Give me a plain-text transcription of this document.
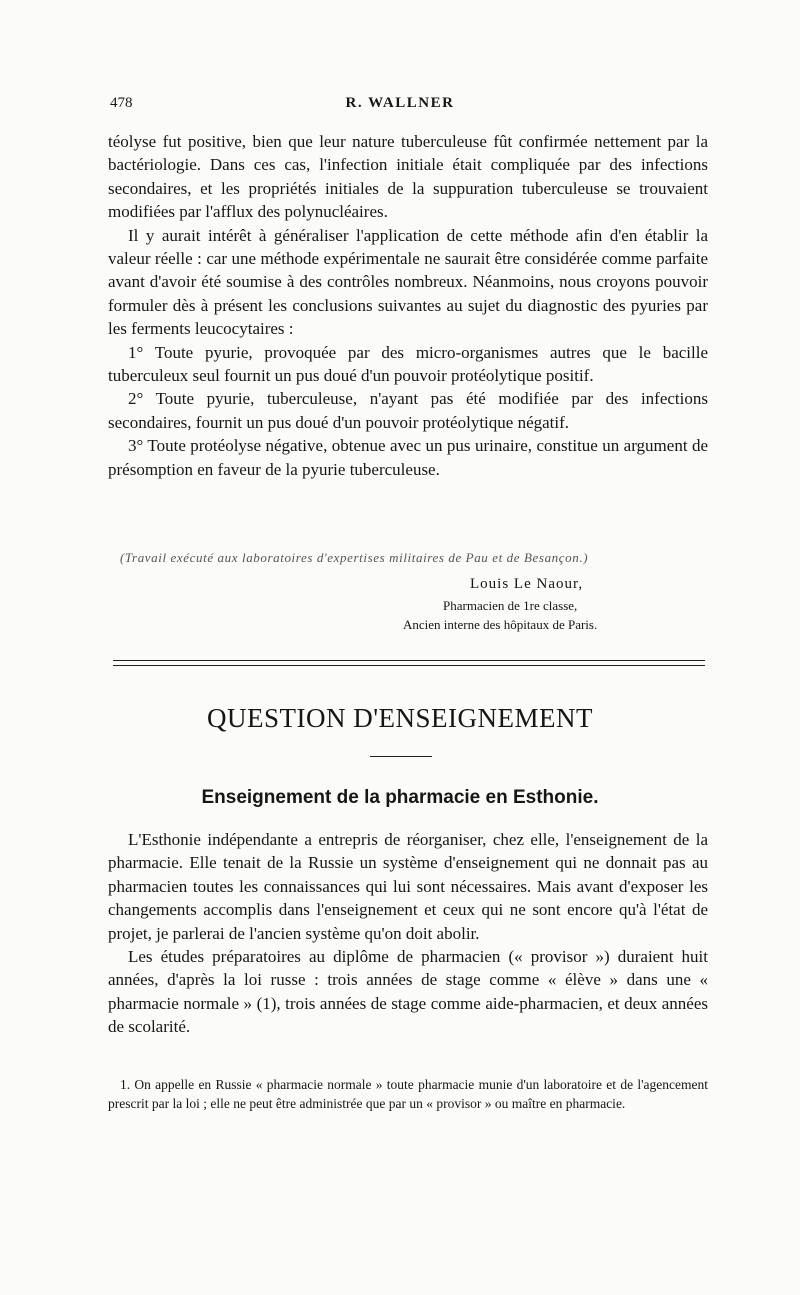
478	R. WALLNER

téolyse fut positive, bien que leur nature tuberculeuse fût confirmée nettement par la bactériologie. Dans ces cas, l'infection initiale était compliquée par des infections secondaires, et les propriétés initiales de la suppuration tuberculeuse se trouvaient modifiées par l'afflux des polynucléaires.

Il y aurait intérêt à généraliser l'application de cette méthode afin d'en établir la valeur réelle : car une méthode expérimentale ne saurait être considérée comme parfaite avant d'avoir été soumise à des contrôles nombreux. Néanmoins, nous croyons pouvoir formuler dès à présent les conclusions suivantes au sujet du diagnostic des pyuries par les ferments leucocytaires :

1° Toute pyurie, provoquée par des micro-organismes autres que le bacille tuberculeux seul fournit un pus doué d'un pouvoir protéolytique positif.

2° Toute pyurie, tuberculeuse, n'ayant pas été modifiée par des infections secondaires, fournit un pus doué d'un pouvoir protéolytique négatif.

3° Toute protéolyse négative, obtenue avec un pus urinaire, constitue un argument de présomption en faveur de la pyurie tuberculeuse.

(Travail exécuté aux laboratoires d'expertises militaires de Pau et de Besançon.)
Louis Le Naour,
Pharmacien de 1re classe,
Ancien interne des hôpitaux de Paris.
QUESTION D'ENSEIGNEMENT
Enseignement de la pharmacie en Esthonie.

L'Esthonie indépendante a entrepris de réorganiser, chez elle, l'enseignement de la pharmacie. Elle tenait de la Russie un système d'enseignement qui ne donnait pas au pharmacien toutes les connaissances qui lui sont nécessaires. Mais avant d'exposer les changements accomplis dans l'enseignement et ceux qui ne sont encore qu'à l'état de projet, je parlerai de l'ancien système qu'on doit abolir.

Les études préparatoires au diplôme de pharmacien (« provisor ») duraient huit années, d'après la loi russe : trois années de stage comme « élève » dans une « pharmacie normale » (1), trois années de stage comme aide-pharmacien, et deux années de scolarité.

1. On appelle en Russie « pharmacie normale » toute pharmacie munie d'un laboratoire et de l'agencement prescrit par la loi ; elle ne peut être administrée que par un « provisor » ou maître en pharmacie.
